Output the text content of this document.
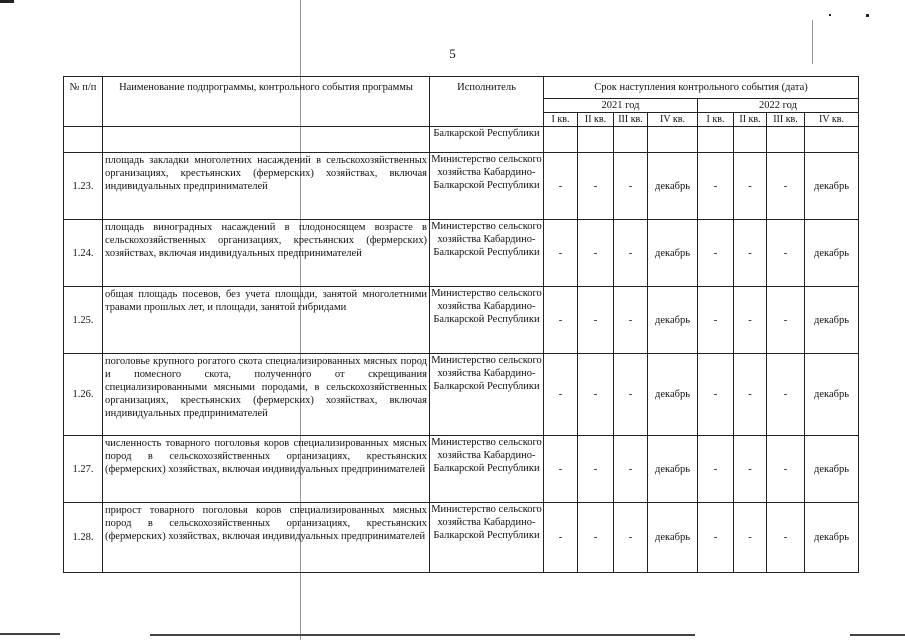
5
№ п/п	Наименование подпрограммы, контрольного события программы	Исполнитель	Срок наступления контрольного события (дата)							
			2021 год				2022 год			
			I кв.	II кв.	III кв.	IV кв.	I кв.	II кв.	III кв.	IV кв.
		Балкарской Республики								
1.23.	площадь закладки многолетних насаждений в сельскохозяйственных организациях, крестьянских (фермерских) хозяйствах, включая индивидуальных предпринимателей	Министерство сельского хозяйства Кабардино-Балкарской Республики	-	-	-	декабрь	-	-	-	декабрь
1.24.	площадь виноградных насаждений в плодоносящем возрасте в сельскохозяйственных организациях, крестьянских (фермерских) хозяйствах, включая индивидуальных предпринимателей	Министерство сельского хозяйства Кабардино-Балкарской Республики	-	-	-	декабрь	-	-	-	декабрь
1.25.	общая площадь посевов, без учета площади, занятой многолетними травами прошлых лет, и площади, занятой гибридами	Министерство сельского хозяйства Кабардино-Балкарской Республики	-	-	-	декабрь	-	-	-	декабрь
1.26.	поголовье крупного рогатого скота специализированных мясных пород и помесного скота, полученного от скрещивания специализированными мясными породами, в сельскохозяйственных организациях, крестьянских (фермерских) хозяйствах, включая индивидуальных предпринимателей	Министерство сельского хозяйства Кабардино-Балкарской Республики	-	-	-	декабрь	-	-	-	декабрь
1.27.	численность товарного поголовья коров специализированных мясных пород в сельскохозяйственных организациях, крестьянских (фермерских) хозяйствах, включая индивидуальных предпринимателей	Министерство сельского хозяйства Кабардино-Балкарской Республики	-	-	-	декабрь	-	-	-	декабрь
1.28.	прирост товарного поголовья коров специализированных мясных пород в сельскохозяйственных организациях, крестьянских (фермерских) хозяйствах, включая индивидуальных предпринимателей	Министерство сельского хозяйства Кабардино-Балкарской Республики	-	-	-	декабрь	-	-	-	декабрь
